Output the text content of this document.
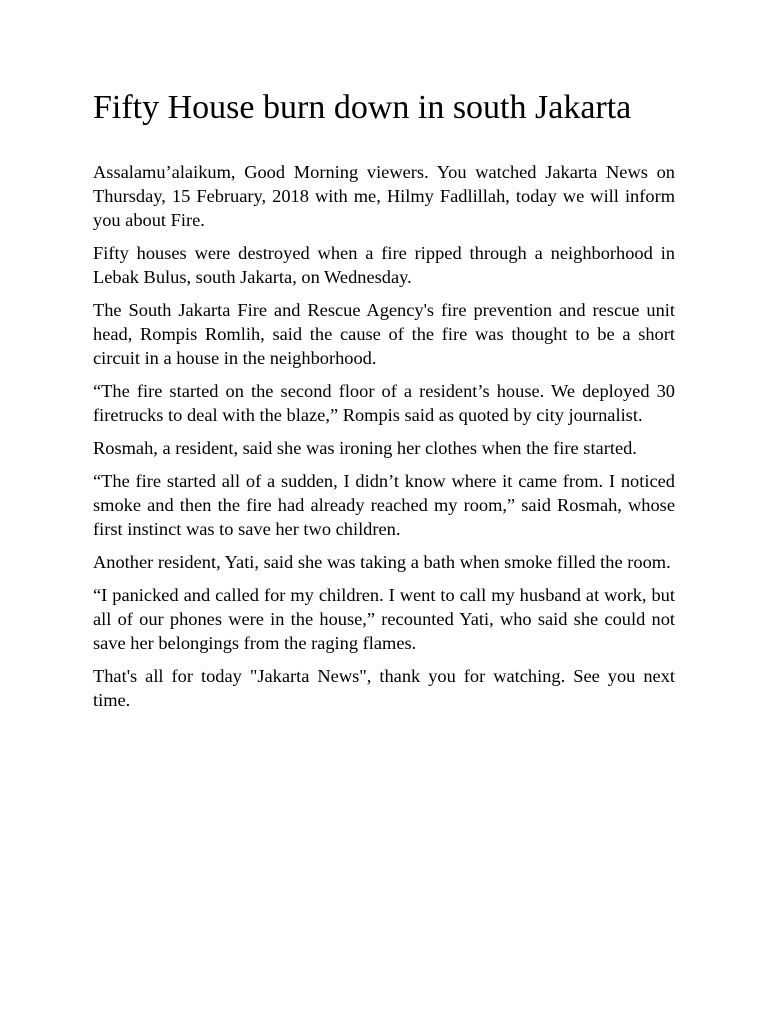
Fifty House burn down in south Jakarta

Assalamu’alaikum, Good Morning viewers. You watched Jakarta News on Thursday, 15 February, 2018 with me, Hilmy Fadlillah, today we will inform you about Fire.

Fifty houses were destroyed when a fire ripped through a neighborhood in Lebak Bulus, south Jakarta, on Wednesday.

The South Jakarta Fire and Rescue Agency's fire prevention and rescue unit head, Rompis Romlih, said the cause of the fire was thought to be a short circuit in a house in the neighborhood.

“The fire started on the second floor of a resident’s house. We deployed 30 firetrucks to deal with the blaze,” Rompis said as quoted by city journalist.

Rosmah, a resident, said she was ironing her clothes when the fire started.

“The fire started all of a sudden, I didn’t know where it came from. I noticed smoke and then the fire had already reached my room,” said Rosmah, whose first instinct was to save her two children.

Another resident, Yati, said she was taking a bath when smoke filled the room.

“I panicked and called for my children. I went to call my husband at work, but all of our phones were in the house,” recounted Yati, who said she could not save her belongings from the raging flames.

That's all for today "Jakarta News", thank you for watching. See you next time.
